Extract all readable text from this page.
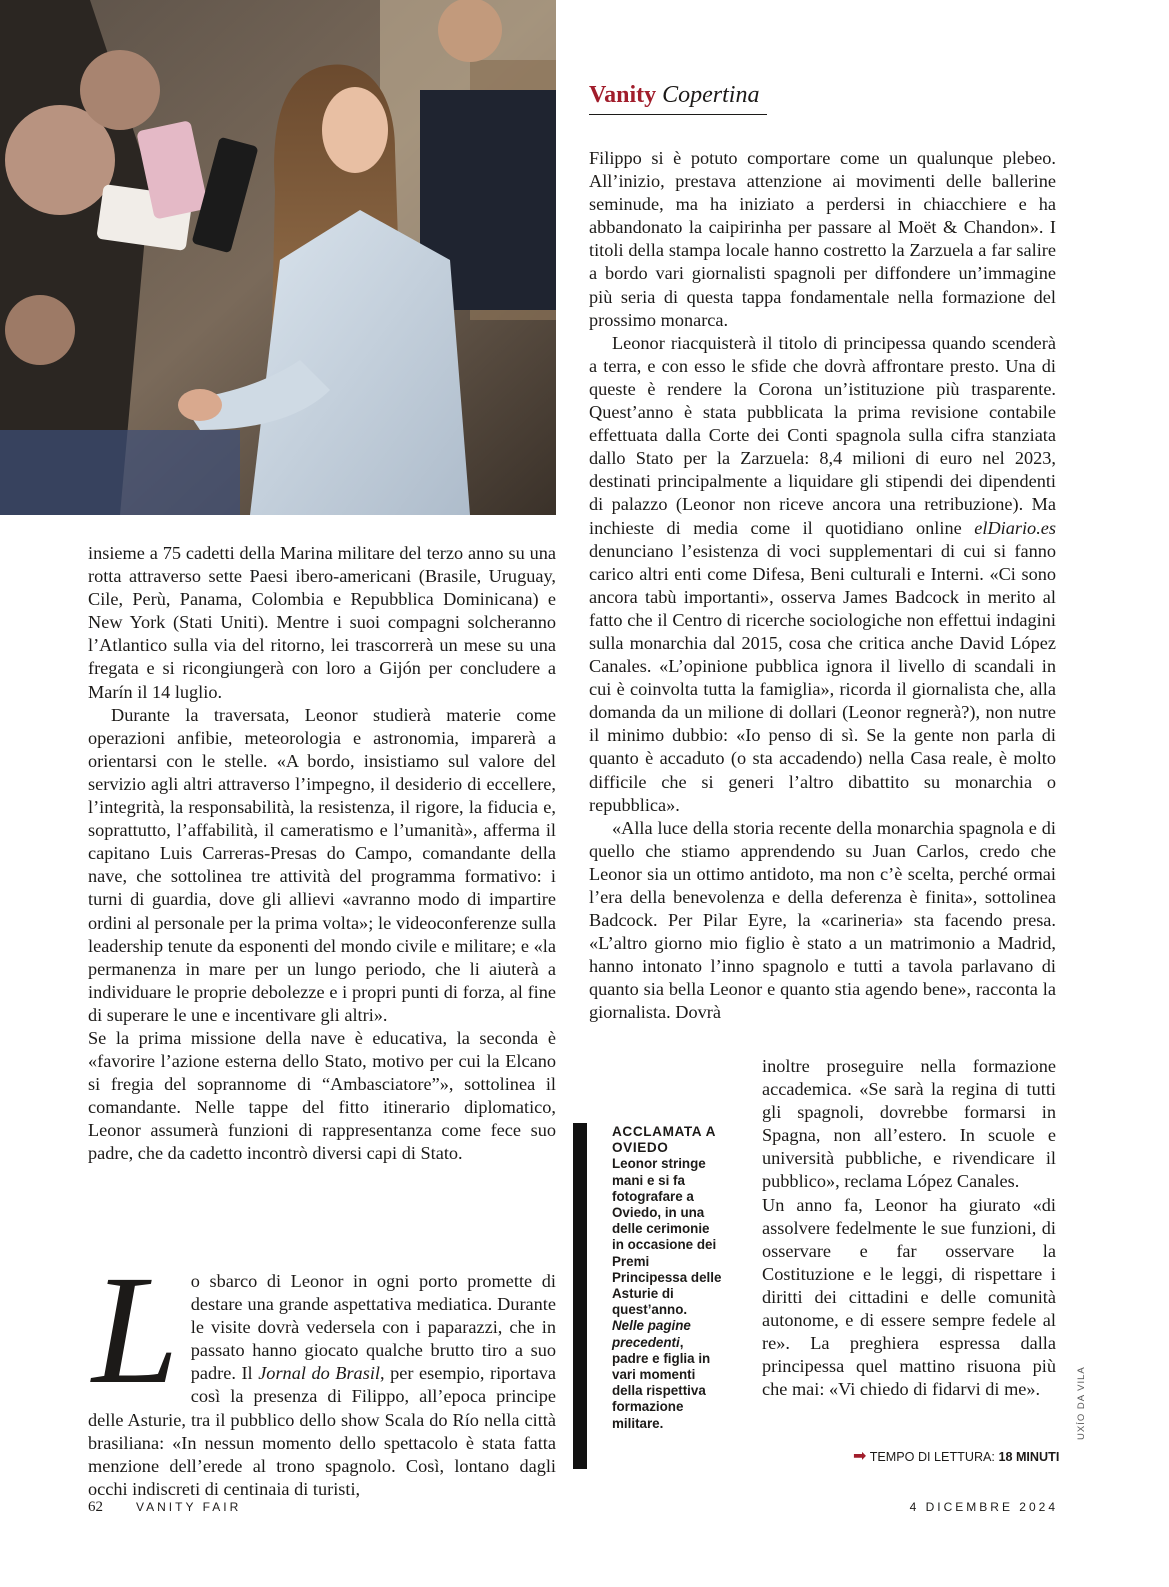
Vanity Copertina

insieme a 75 cadetti della Marina militare del terzo anno su una rotta attraverso sette Paesi ibero-americani (Brasile, Uruguay, Cile, Perù, Panama, Colombia e Repubblica Dominicana) e New York (Stati Uniti). Mentre i suoi compagni solcheranno l’Atlantico sulla via del ritorno, lei trascorrerà un mese su una fregata e si ricongiungerà con loro a Gijón per concludere a Marín il 14 luglio.

Durante la traversata, Leonor studierà materie come operazioni anfibie, meteorologia e astronomia, imparerà a orientarsi con le stelle. «A bordo, insistiamo sul valore del servizio agli altri attraverso l’impegno, il desiderio di eccellere, l’integrità, la responsabilità, la resistenza, il rigore, la fiducia e, soprattutto, l’affabilità, il cameratismo e l’umanità», afferma il capitano Luis Carreras-Presas do Campo, comandante della nave, che sottolinea tre attività del programma formativo: i turni di guardia, dove gli allievi «avranno modo di impartire ordini al personale per la prima volta»; le videoconferenze sulla leadership tenute da esponenti del mondo civile e militare; e «la permanenza in mare per un lungo periodo, che li aiuterà a individuare le proprie debolezze e i propri punti di forza, al fine di superare le une e incentivare gli altri».

Se la prima missione della nave è educativa, la seconda è «favorire l’azione esterna dello Stato, motivo per cui la Elcano si fregia del soprannome di “Ambasciatore”», sottolinea il comandante. Nelle tappe del fitto itinerario diplomatico, Leonor assumerà funzioni di rappresentanza come fece suo padre, che da cadetto incontrò diversi capi di Stato.

Lo sbarco di Leonor in ogni porto promette di destare una grande aspettativa mediatica. Durante le visite dovrà vedersela con i paparazzi, che in passato hanno giocato qualche brutto tiro a suo padre. Il Jornal do Brasil, per esempio, riportava così la presenza di Filippo, all’epoca principe delle Asturie, tra il pubblico dello show Scala do Río nella città brasiliana: «In nessun momento dello spettacolo è stata fatta menzione dell’erede al trono spagnolo. Così, lontano dagli occhi indiscreti di centinaia di turisti,

Filippo si è potuto comportare come un qualunque plebeo. All’inizio, prestava attenzione ai movimenti delle ballerine seminude, ma ha iniziato a perdersi in chiacchiere e ha abbandonato la caipirinha per passare al Moët & Chandon». I titoli della stampa locale hanno costretto la Zarzuela a far salire a bordo vari giornalisti spagnoli per diffondere un’immagine più seria di questa tappa fondamentale nella formazione del prossimo monarca.

Leonor riacquisterà il titolo di principessa quando scenderà a terra, e con esso le sfide che dovrà affrontare presto. Una di queste è rendere la Corona un’istituzione più trasparente. Quest’anno è stata pubblicata la prima revisione contabile effettuata dalla Corte dei Conti spagnola sulla cifra stanziata dallo Stato per la Zarzuela: 8,4 milioni di euro nel 2023, destinati principalmente a liquidare gli stipendi dei dipendenti di palazzo (Leonor non riceve ancora una retribuzione). Ma inchieste di media come il quotidiano online elDiario.es denunciano l’esistenza di voci supplementari di cui si fanno carico altri enti come Difesa, Beni culturali e Interni. «Ci sono ancora tabù importanti», osserva James Badcock in merito al fatto che il Centro di ricerche sociologiche non effettui indagini sulla monarchia dal 2015, cosa che critica anche David López Canales. «L’opinione pubblica ignora il livello di scandali in cui è coinvolta tutta la famiglia», ricorda il giornalista che, alla domanda da un milione di dollari (Leonor regnerà?), non nutre il minimo dubbio: «Io penso di sì. Se la gente non parla di quanto è accaduto (o sta accadendo) nella Casa reale, è molto difficile che si generi l’altro dibattito su monarchia o repubblica».

«Alla luce della storia recente della monarchia spagnola e di quello che stiamo apprendendo su Juan Carlos, credo che Leonor sia un ottimo antidoto, ma non c’è scelta, perché ormai l’era della benevolenza e della deferenza è finita», sottolinea Badcock. Per Pilar Eyre, la «carineria» sta facendo presa. «L’altro giorno mio figlio è stato a un matrimonio a Madrid, hanno intonato l’inno spagnolo e tutti a tavola parlavano di quanto sia bella Leonor e quanto stia agendo bene», racconta la giornalista. Dovrà

inoltre proseguire nella formazione accademica. «Se sarà la regina di tutti gli spagnoli, dovrebbe formarsi in Spagna, non all’estero. In scuole e università pubbliche, e rivendicare il pubblico», reclama López Canales.

Un anno fa, Leonor ha giurato «di assolvere fedelmente le sue funzioni, di osservare e far osservare la Costituzione e le leggi, di rispettare i diritti dei cittadini e delle comunità autonome, e di essere sempre fedele al re». La preghiera espressa dalla principessa quel mattino risuona più che mai: «Vi chiedo di fidarvi di me».

ACCLAMATA A OVIEDO
Leonor stringe mani e si fa fotografare a Oviedo, in una delle cerimonie in occasione dei Premi Principessa delle Asturie di quest’anno. Nelle pagine precedenti, padre e figlia in vari momenti della rispettiva formazione militare.
➡ TEMPO DI LETTURA: 18 MINUTI
UXÍO DA VILA
62	VANITY FAIR	4 DICEMBRE 2024
